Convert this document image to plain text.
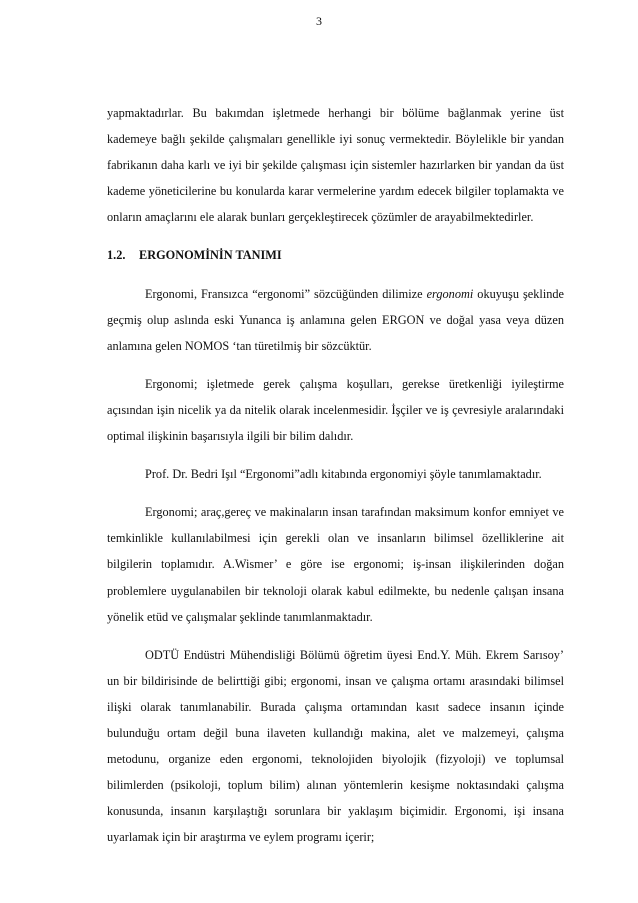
3

yapmaktadırlar. Bu bakımdan işletmede herhangi bir bölüme bağlanmak yerine üst kademeye bağlı şekilde çalışmaları genellikle iyi sonuç vermektedir. Böylelikle bir yandan fabrikanın daha karlı ve iyi bir şekilde çalışması için sistemler hazırlarken bir yandan da üst kademe yöneticilerine bu konularda karar vermelerine yardım edecek bilgiler toplamakta ve onların amaçlarını ele alarak bunları gerçekleştirecek çözümler de arayabilmektedirler.

1.2. ERGONOMİNİN TANIMI

Ergonomi, Fransızca “ergonomi” sözcüğünden dilimize ergonomi okuyuşu şeklinde geçmiş olup aslında eski Yunanca iş anlamına gelen ERGON ve doğal yasa veya düzen anlamına gelen NOMOS ‘tan türetilmiş bir sözcüktür.

Ergonomi; işletmede gerek çalışma koşulları, gerekse üretkenliği iyileştirme açısından işin nicelik ya da nitelik olarak incelenmesidir. İşçiler ve iş çevresiyle aralarındaki optimal ilişkinin başarısıyla ilgili bir bilim dalıdır.

Prof. Dr. Bedri Işıl “Ergonomi”adlı kitabında ergonomiyi şöyle tanımlamaktadır.

Ergonomi; araç,gereç ve makinaların insan tarafından maksimum konfor emniyet ve temkinlikle kullanılabilmesi için gerekli olan ve insanların bilimsel özelliklerine ait bilgilerin toplamıdır. A.Wismer’ e göre ise ergonomi; iş-insan ilişkilerinden doğan problemlere uygulanabilen bir teknoloji olarak kabul edilmekte, bu nedenle çalışan insana yönelik etüd ve çalışmalar şeklinde tanımlanmaktadır.

ODTÜ Endüstri Mühendisliği Bölümü öğretim üyesi End.Y. Müh. Ekrem Sarısoy’ un bir bildirisinde de belirttiği gibi; ergonomi, insan ve çalışma ortamı arasındaki bilimsel ilişki olarak tanımlanabilir. Burada çalışma ortamından kasıt sadece insanın içinde bulunduğu ortam değil buna ilaveten kullandığı makina, alet ve malzemeyi, çalışma metodunu, organize eden ergonomi, teknolojiden biyolojik (fizyoloji) ve toplumsal bilimlerden (psikoloji, toplum bilim) alınan yöntemlerin kesişme noktasındaki çalışma konusunda, insanın karşılaştığı sorunlara bir yaklaşım biçimidir. Ergonomi, işi insana uyarlamak için bir araştırma ve eylem programı içerir;
